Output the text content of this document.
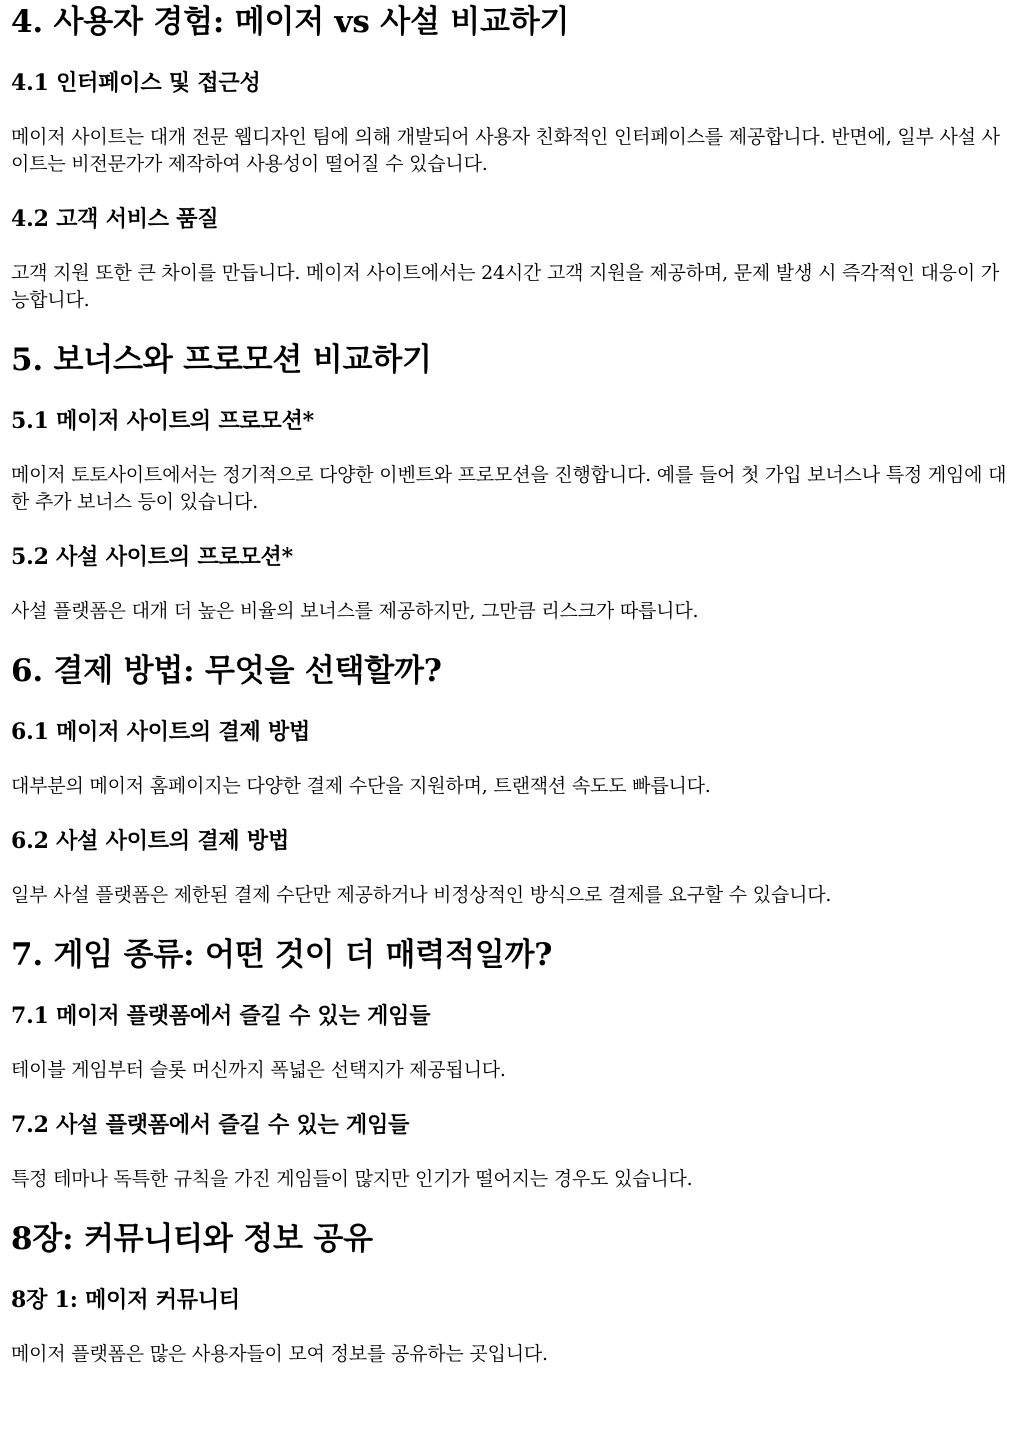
4. 사용자 경험: 메이저 vs 사설 비교하기
4.1 인터페이스 및 접근성

메이저 사이트는 대개 전문 웹디자인 팀에 의해 개발되어 사용자 친화적인 인터페이스를 제공합니다. 반면에, 일부 사설 사이트는 비전문가가 제작하여 사용성이 떨어질 수 있습니다.

4.2 고객 서비스 품질

고객 지원 또한 큰 차이를 만듭니다. 메이저 사이트에서는 24시간 고객 지원을 제공하며, 문제 발생 시 즉각적인 대응이 가능합니다.

5. 보너스와 프로모션 비교하기
5.1 메이저 사이트의 프로모션*

메이저 토토사이트에서는 정기적으로 다양한 이벤트와 프로모션을 진행합니다. 예를 들어 첫 가입 보너스나 특정 게임에 대한 추가 보너스 등이 있습니다.

5.2 사설 사이트의 프로모션*

사설 플랫폼은 대개 더 높은 비율의 보너스를 제공하지만, 그만큼 리스크가 따릅니다.

6. 결제 방법: 무엇을 선택할까?
6.1 메이저 사이트의 결제 방법

대부분의 메이저 홈페이지는 다양한 결제 수단을 지원하며, 트랜잭션 속도도 빠릅니다.

6.2 사설 사이트의 결제 방법

일부 사설 플랫폼은 제한된 결제 수단만 제공하거나 비정상적인 방식으로 결제를 요구할 수 있습니다.

7. 게임 종류: 어떤 것이 더 매력적일까?
7.1 메이저 플랫폼에서 즐길 수 있는 게임들

테이블 게임부터 슬롯 머신까지 폭넓은 선택지가 제공됩니다.

7.2 사설 플랫폼에서 즐길 수 있는 게임들

특정 테마나 독특한 규칙을 가진 게임들이 많지만 인기가 떨어지는 경우도 있습니다.

8장: 커뮤니티와 정보 공유
8장 1: 메이저 커뮤니티

메이저 플랫폼은 많은 사용자들이 모여 정보를 공유하는 곳입니다.
